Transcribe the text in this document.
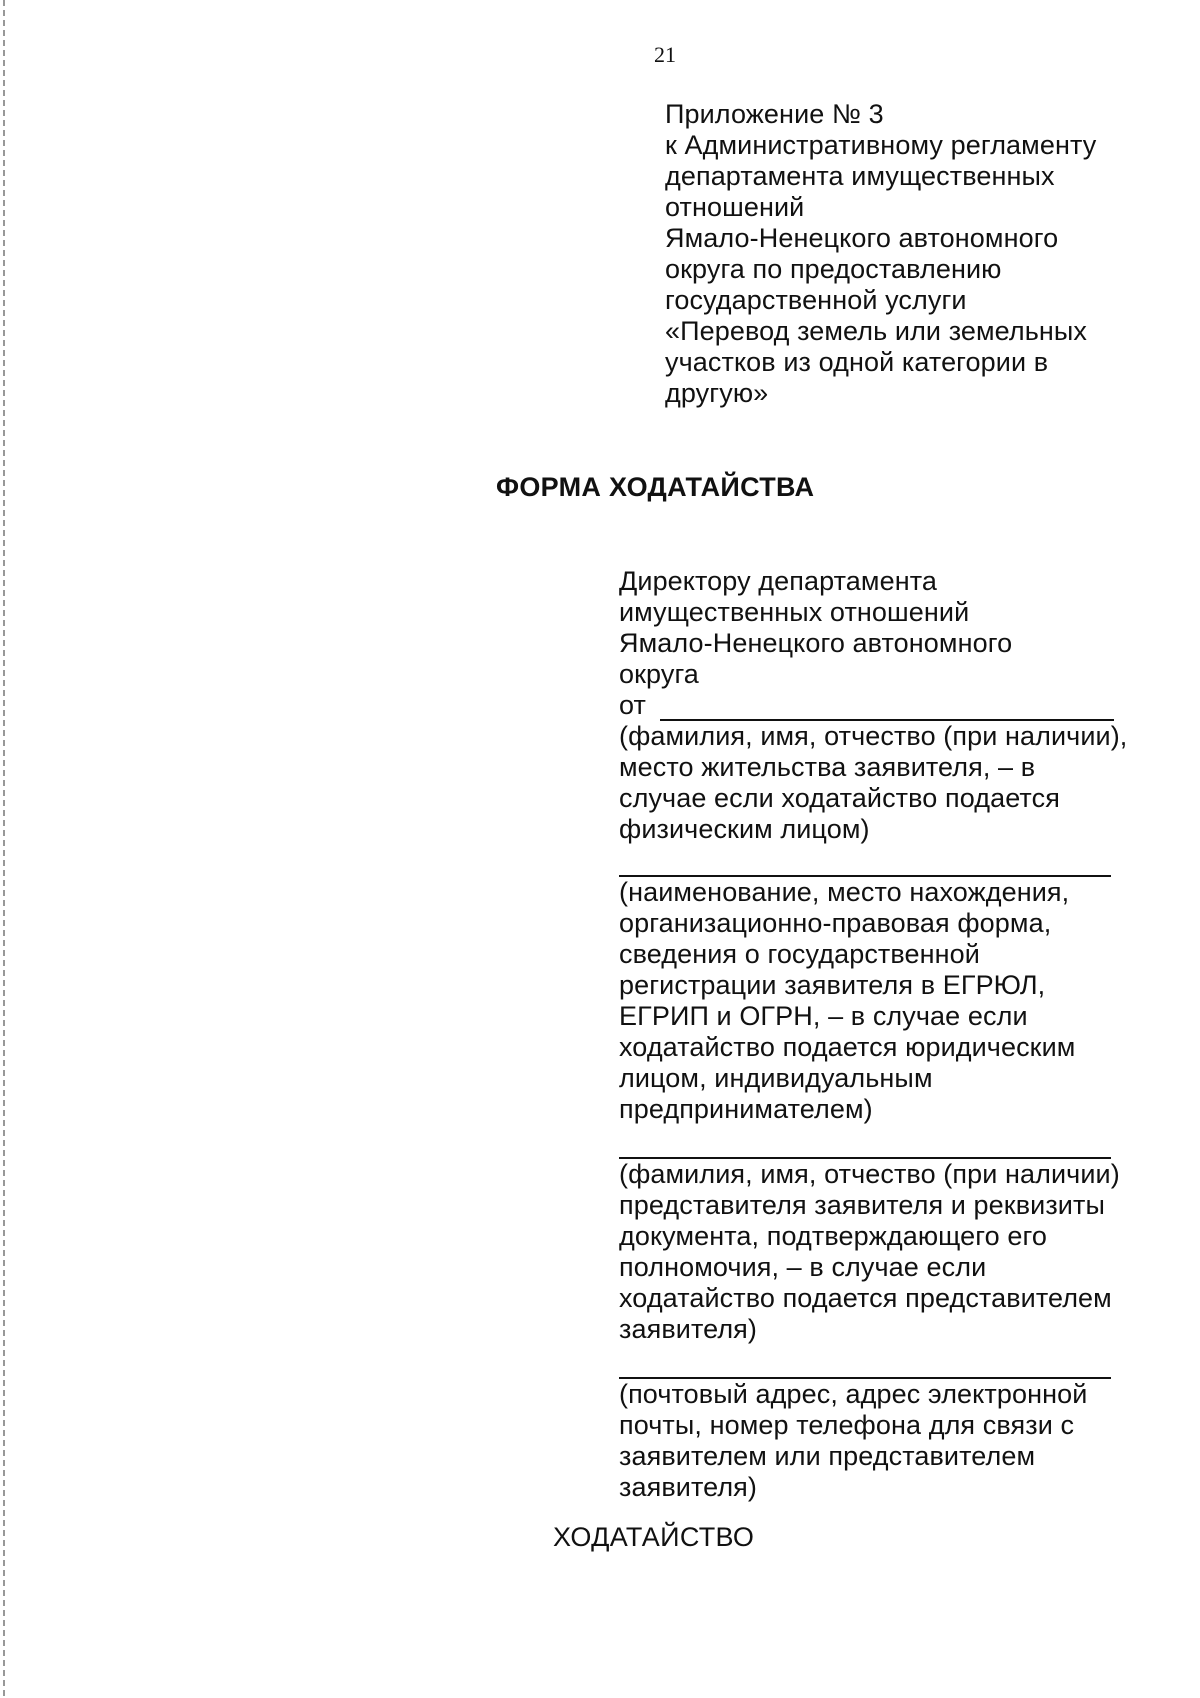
21
Приложение № 3
к Административному регламенту
департамента имущественных
отношений
Ямало-Ненецкого автономного
округа по предоставлению
государственной услуги
«Перевод земель или земельных
участков из одной категории в
другую»
ФОРМА ХОДАТАЙСТВА
Директору департамента
имущественных отношений
Ямало-Ненецкого автономного
округа
от
(фамилия, имя, отчество (при наличии),
место жительства заявителя, – в
случае если ходатайство подается
физическим лицом)
(наименование, место нахождения,
организационно-правовая форма,
сведения о государственной
регистрации заявителя в ЕГРЮЛ,
ЕГРИП и ОГРН, – в случае если
ходатайство подается юридическим
лицом, индивидуальным
предпринимателем)
(фамилия, имя, отчество (при наличии)
представителя заявителя и реквизиты
документа, подтверждающего его
полномочия, – в случае если
ходатайство подается представителем
заявителя)
(почтовый адрес, адрес электронной
почты, номер телефона для связи с
заявителем или представителем
заявителя)
ХОДАТАЙСТВО
